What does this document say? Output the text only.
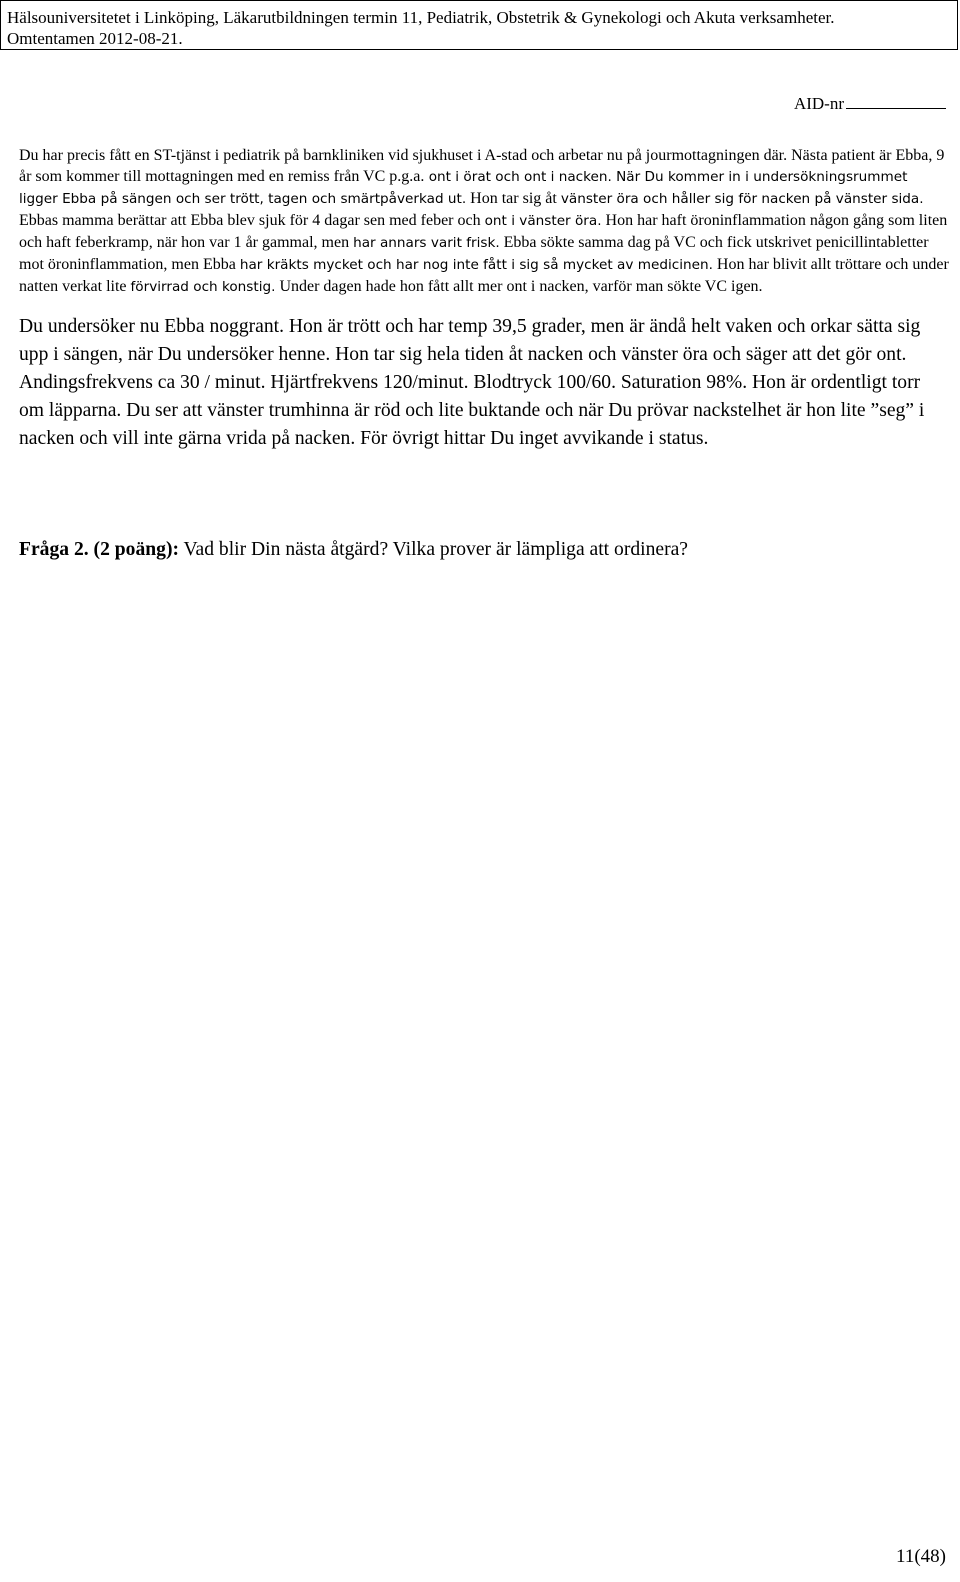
Hälsouniversitetet i Linköping, Läkarutbildningen termin 11, Pediatrik, Obstetrik & Gynekologi och Akuta verksamheter.
Omtentamen 2012-08-21.
AID-nr
Du har precis fått en ST-tjänst i pediatrik på barnkliniken vid sjukhuset i A-stad och arbetar nu på jourmottagningen där. Nästa patient är Ebba, 9 år som kommer till mottagningen med en remiss från VC p.g.a. ont i örat och ont i nacken. När Du kommer in i undersökningsrummet ligger Ebba på sängen och ser trött, tagen och smärtpåverkad ut. Hon tar sig åt vänster öra och håller sig för nacken på vänster sida. Ebbas mamma berättar att Ebba blev sjuk för 4 dagar sen med feber och ont i vänster öra. Hon har haft öroninflammation någon gång som liten och haft feberkramp, när hon var 1 år gammal, men har annars varit frisk. Ebba sökte samma dag på VC och fick utskrivet penicillintabletter mot öroninflammation, men Ebba har kräkts mycket och har nog inte fått i sig så mycket av medicinen. Hon har blivit allt tröttare och under natten verkat lite förvirrad och konstig. Under dagen hade hon fått allt mer ont i nacken, varför man sökte VC igen.
Du undersöker nu Ebba noggrant. Hon är trött och har temp 39,5 grader, men är ändå helt vaken och orkar sätta sig upp i sängen, när Du undersöker henne. Hon tar sig hela tiden åt nacken och vänster öra och säger att det gör ont. Andingsfrekvens ca 30 / minut. Hjärtfrekvens 120/minut. Blodtryck 100/60. Saturation 98%. Hon är ordentligt torr om läpparna. Du ser att vänster trumhinna är röd och lite buktande och när Du prövar nackstelhet är hon lite ”seg” i nacken och vill inte gärna vrida på nacken. För övrigt hittar Du inget avvikande i status.
Fråga 2. (2 poäng): Vad blir Din nästa åtgärd? Vilka prover är lämpliga att ordinera?
11(48)
